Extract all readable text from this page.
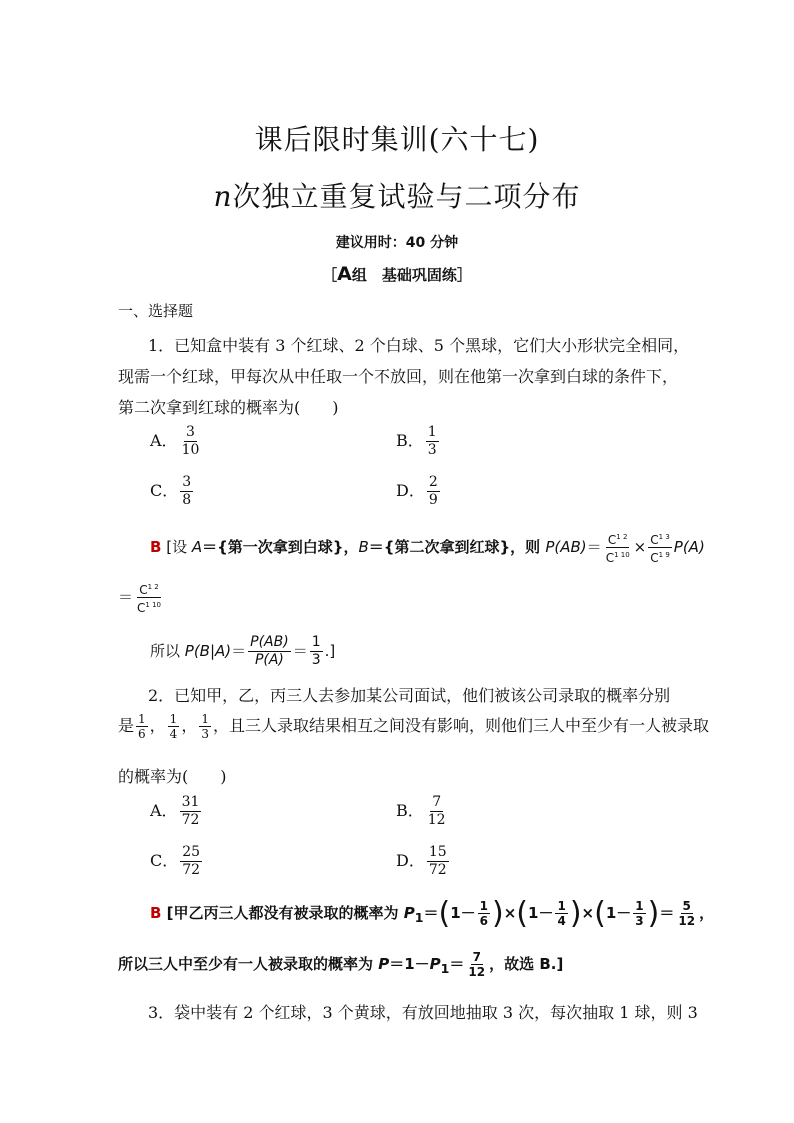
课后限时集训(六十七)
n次独立重复试验与二项分布
建议用时：40 分钟
［A组　基础巩固练］
一、选择题
1．已知盒中装有 3 个红球、2 个白球、5 个黑球，它们大小形状完全相同，
现需一个红球，甲每次从中任取一个不放回，则在他第一次拿到白球的条件下，
第二次拿到红球的概率为(　　)
A． $\frac{3}{10}$	B． $\frac{1}{3}$
C． $\frac{3}{8}$	D． $\frac{2}{9}$
B [设 A＝{第一次拿到白球}，B＝{第二次拿到红球}，则 $P(AB)= \frac{C^{1 2}}{C^{1 10}} \times \frac{C^{1 3}}{C^{1 9}} P(A)$
＝ $\frac{C^{1 2}}{C^{1 10}}$
所以 $P(B|A)= \frac{P(AB)}{P(A)} = \frac{1}{3}$ .]
2．已知甲，乙，丙三人去参加某公司面试，他们被该公司录取的概率分别
是 $\frac{1}{6}$ ， $\frac{1}{4}$ ， $\frac{1}{3}$ ，且三人录取结果相互之间没有影响，则他们三人中至少有一人被录取
的概率为(　　)
A． $\frac{31}{72}$	B． $\frac{7}{12}$
C． $\frac{25}{72}$	D． $\frac{15}{72}$
B [甲乙丙三人都没有被录取的概率为 $P_1=(1- \frac{1}{6} )\times(1- \frac{1}{4} )\times(1- \frac{1}{3}$ )＝ $\frac{5}{12}$ ，
所以三人中至少有一人被录取的概率为 $P=1-P_1= \frac{7}{12}$ ，故选 B.]
3．袋中装有 2 个红球，3 个黄球，有放回地抽取 3 次，每次抽取 1 球，则 3
